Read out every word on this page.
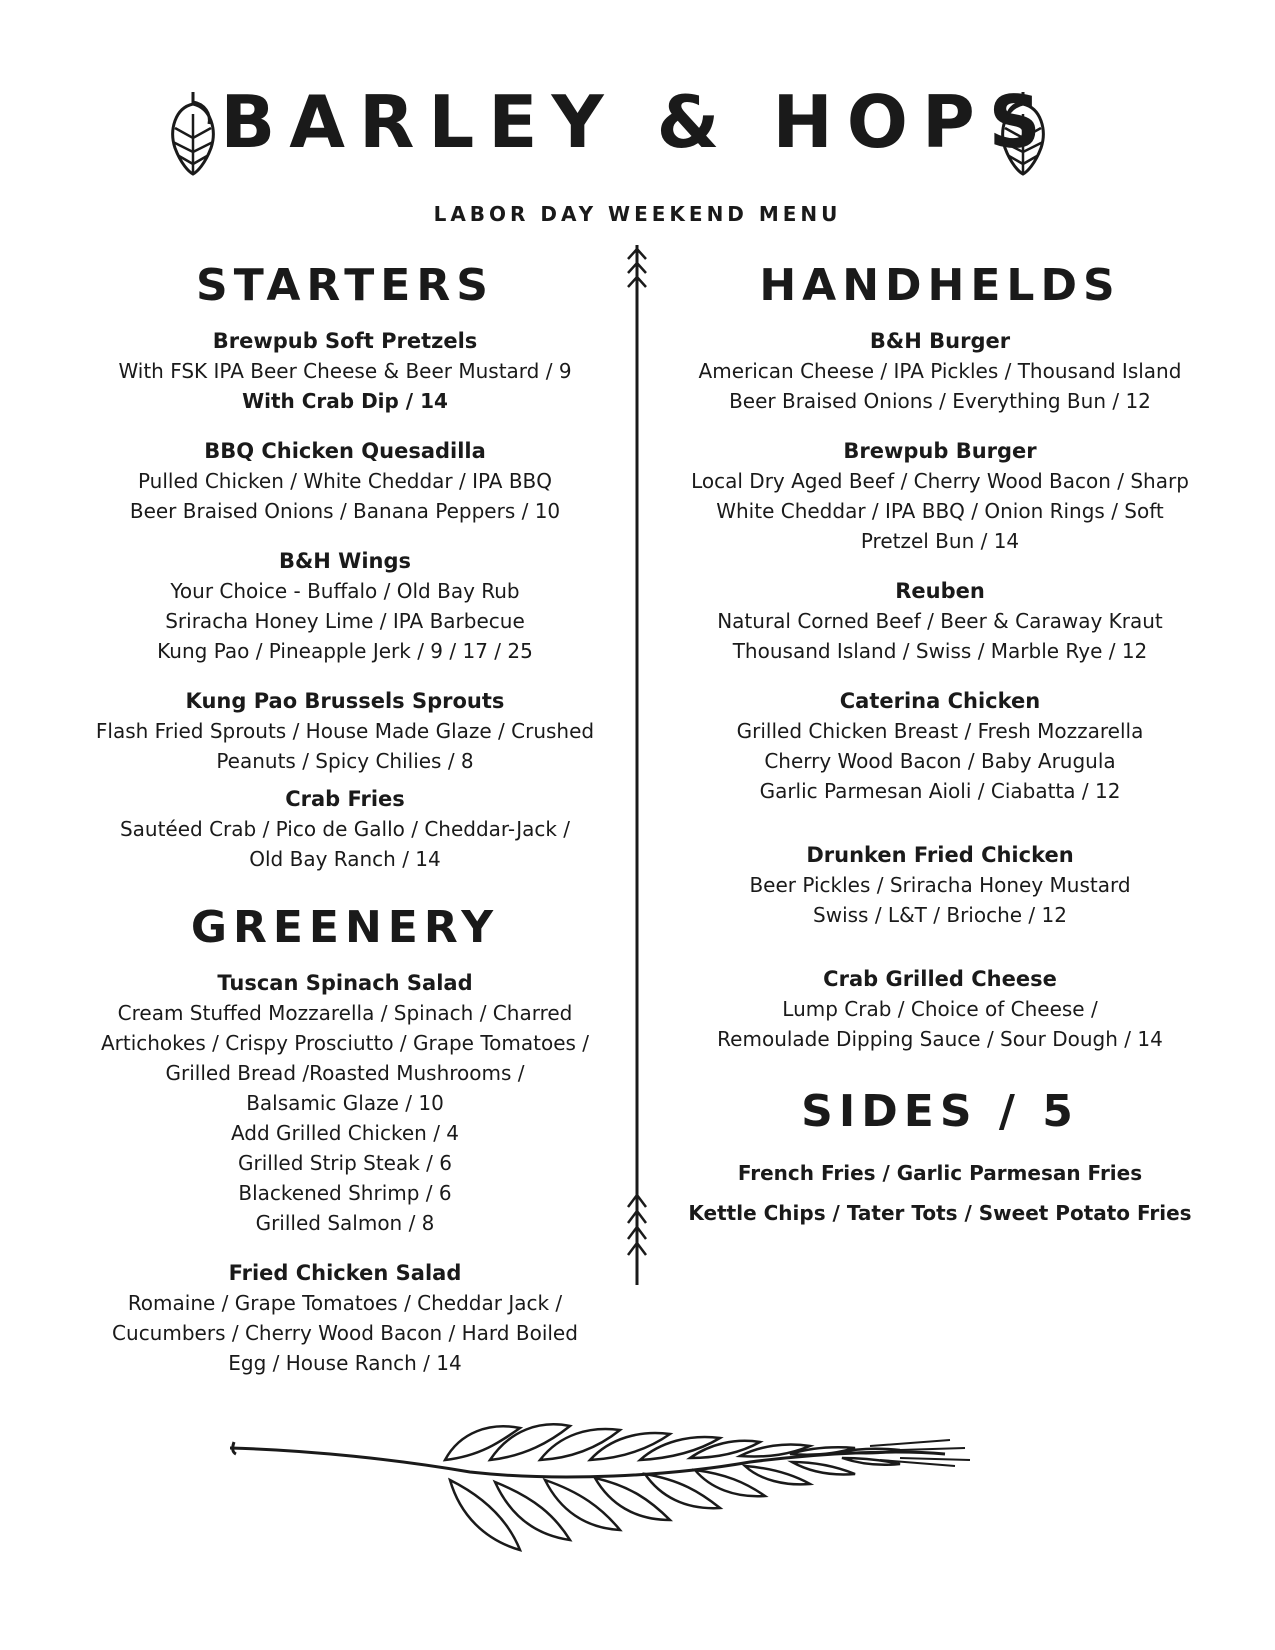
BARLEY & HOPS
LABOR DAY WEEKEND MENU
STARTERS

Brewpub Soft Pretzels

With FSK IPA Beer Cheese & Beer Mustard / 9

With Crab Dip / 14

BBQ Chicken Quesadilla

Pulled Chicken / White Cheddar / IPA BBQ

Beer Braised Onions / Banana Peppers / 10

B&H Wings

Your Choice - Buffalo / Old Bay Rub

Sriracha Honey Lime / IPA Barbecue

Kung Pao / Pineapple Jerk / 9 / 17 / 25

Kung Pao Brussels Sprouts

Flash Fried Sprouts / House Made Glaze / Crushed

Peanuts / Spicy Chilies / 8

Crab Fries

Sautéed Crab / Pico de Gallo / Cheddar-Jack /

Old Bay Ranch / 14

GREENERY

Tuscan Spinach Salad

Cream Stuffed Mozzarella / Spinach / Charred

Artichokes / Crispy Prosciutto / Grape Tomatoes /

Grilled Bread /Roasted Mushrooms /

Balsamic Glaze / 10

Add Grilled Chicken / 4

Grilled Strip Steak / 6

Blackened Shrimp / 6

Grilled Salmon / 8

Fried Chicken Salad

Romaine / Grape Tomatoes / Cheddar Jack /

Cucumbers / Cherry Wood Bacon / Hard Boiled

Egg / House Ranch / 14

HANDHELDS

B&H Burger

American Cheese / IPA Pickles / Thousand Island

Beer Braised Onions / Everything Bun / 12

Brewpub Burger

Local Dry Aged Beef / Cherry Wood Bacon / Sharp

White Cheddar / IPA BBQ / Onion Rings / Soft

Pretzel Bun / 14

Reuben

Natural Corned Beef / Beer & Caraway Kraut

Thousand Island / Swiss / Marble Rye / 12

Caterina Chicken

Grilled Chicken Breast / Fresh Mozzarella

Cherry Wood Bacon / Baby Arugula

Garlic Parmesan Aioli / Ciabatta / 12

Drunken Fried Chicken

Beer Pickles / Sriracha Honey Mustard

Swiss / L&T / Brioche / 12

Crab Grilled Cheese

Lump Crab / Choice of Cheese /

Remoulade Dipping Sauce / Sour Dough / 14

SIDES / 5

French Fries / Garlic Parmesan Fries

Kettle Chips / Tater Tots / Sweet Potato Fries
